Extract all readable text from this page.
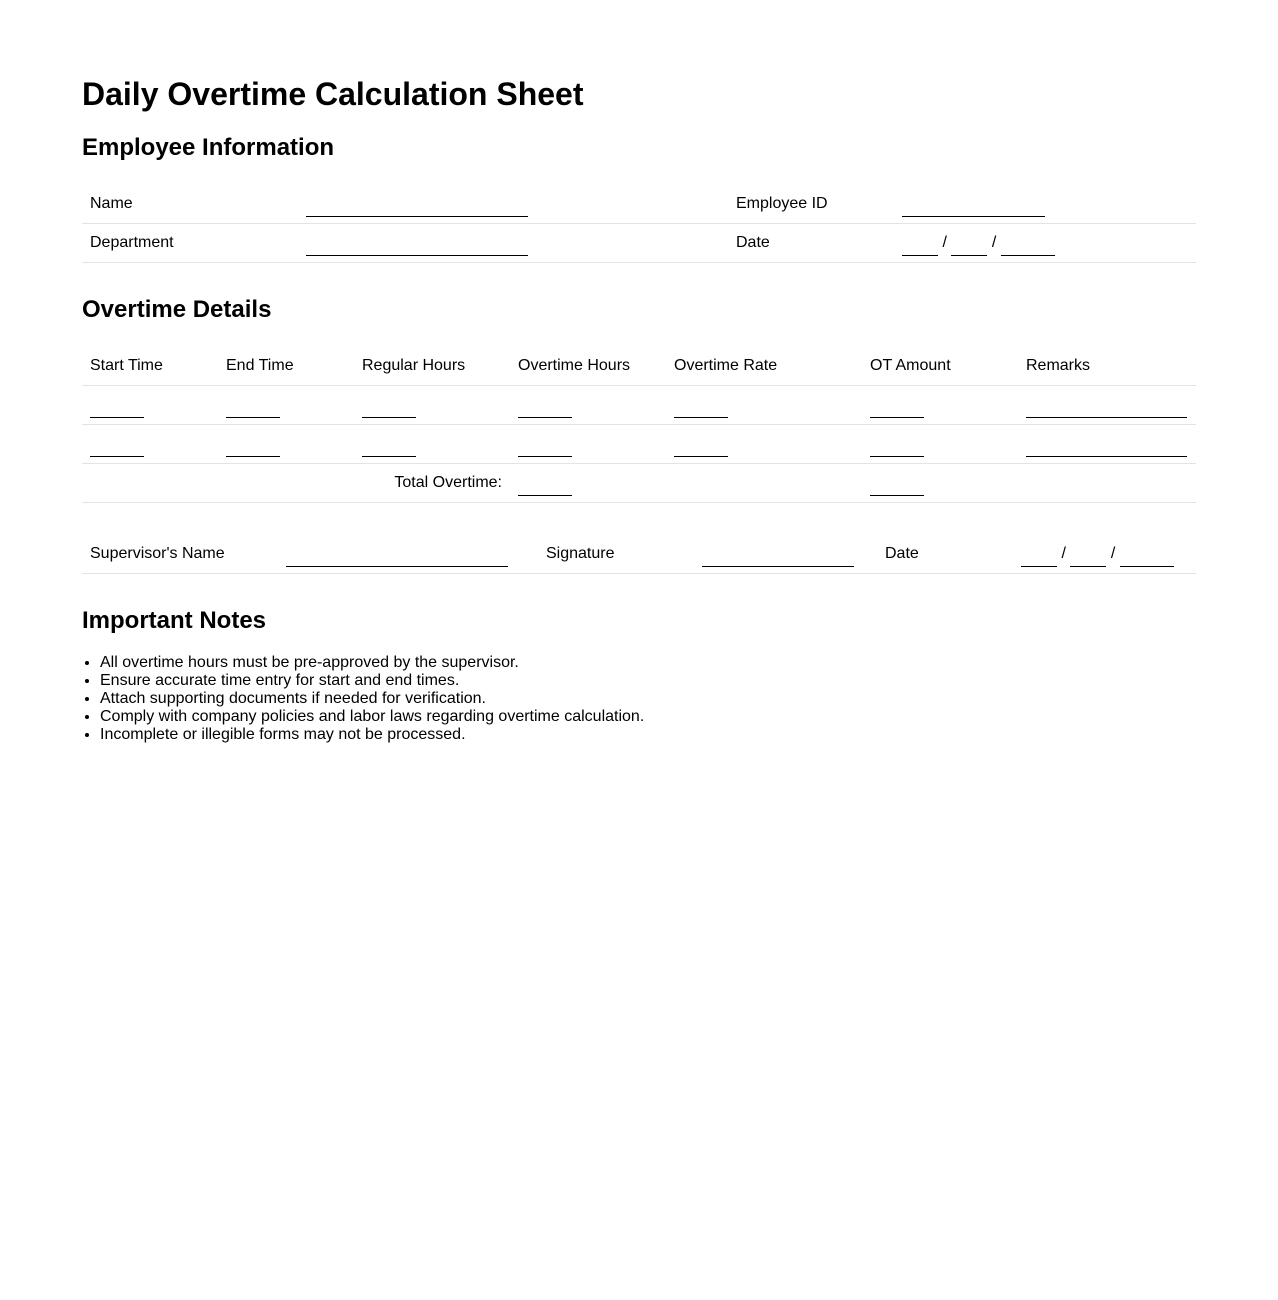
Daily Overtime Calculation Sheet
Employee Information
Name		Employee ID	
Department		Date	/ /
Overtime Details
Start Time	End Time	Regular Hours	Overtime Hours	Overtime Rate	OT Amount	Remarks

Total Overtime:						
Supervisor's Name		Signature		Date	/	/
Important Notes
• All overtime hours must be pre-approved by the supervisor.
• Ensure accurate time entry for start and end times.
• Attach supporting documents if needed for verification.
• Comply with company policies and labor laws regarding overtime calculation.
• Incomplete or illegible forms may not be processed.
